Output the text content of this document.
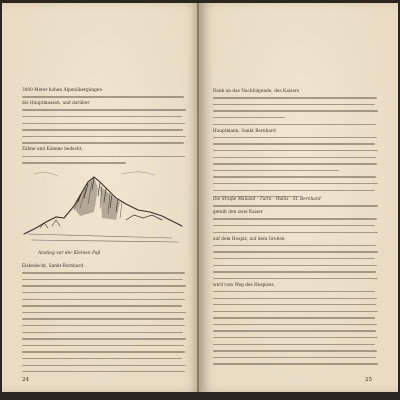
3000 Meter hohen Alpenübergängen
die Hauptmassen, und darüber
Zähne und Kämme bedeckt.
Anstieg vor der Kleinen Paß
Eisbedeckt, Sankt-Bernhard
24
Dank an das Nachfolgende, des Kaisers
Hauptmann, Sankt Bernhard
Die Straße Mailand - Turin - Wallis - St. Bernhard
geteilt den zwei Kaiser
auf dem Hospiz, auf dem Großen
wird vom Weg des Hospizes
25
